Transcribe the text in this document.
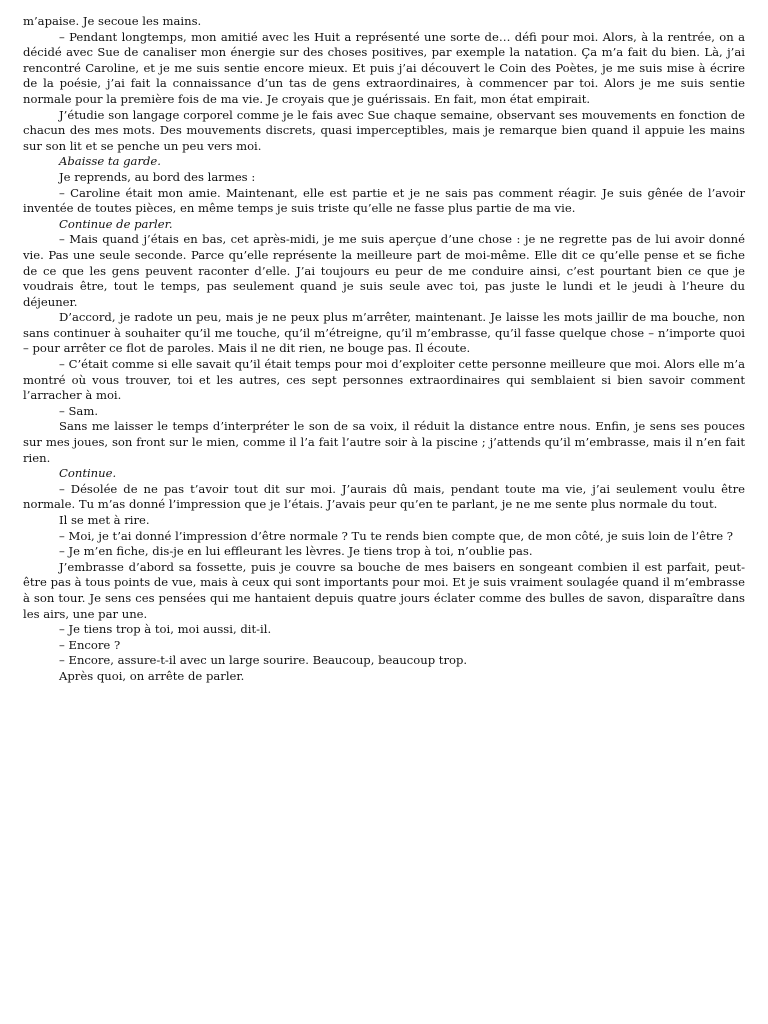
m’apaise. Je secoue les mains.

– Pendant longtemps, mon amitié avec les Huit a représenté une sorte de… défi pour moi. Alors, à la rentrée, on a décidé avec Sue de canaliser mon énergie sur des choses positives, par exemple la natation. Ça m’a fait du bien. Là, j’ai rencontré Caroline, et je me suis sentie encore mieux. Et puis j’ai découvert le Coin des Poètes, je me suis mise à écrire de la poésie, j’ai fait la connaissance d’un tas de gens extraordinaires, à commencer par toi. Alors je me suis sentie normale pour la première fois de ma vie. Je croyais que je guérissais. En fait, mon état empirait.

J’étudie son langage corporel comme je le fais avec Sue chaque semaine, observant ses mouvements en fonction de chacun des mes mots. Des mouvements discrets, quasi imperceptibles, mais je remarque bien quand il appuie les mains sur son lit et se penche un peu vers moi.

Abaisse ta garde.

Je reprends, au bord des larmes :

– Caroline était mon amie. Maintenant, elle est partie et je ne sais pas comment réagir. Je suis gênée de l’avoir inventée de toutes pièces, en même temps je suis triste qu’elle ne fasse plus partie de ma vie.

Continue de parler.

– Mais quand j’étais en bas, cet après-midi, je me suis aperçue d’une chose : je ne regrette pas de lui avoir donné vie. Pas une seule seconde. Parce qu’elle représente la meilleure part de moi-même. Elle dit ce qu’elle pense et se fiche de ce que les gens peuvent raconter d’elle. J’ai toujours eu peur de me conduire ainsi, c’est pourtant bien ce que je voudrais être, tout le temps, pas seulement quand je suis seule avec toi, pas juste le lundi et le jeudi à l’heure du déjeuner.

D’accord, je radote un peu, mais je ne peux plus m’arrêter, maintenant. Je laisse les mots jaillir de ma bouche, non sans continuer à souhaiter qu’il me touche, qu’il m’étreigne, qu’il m’embrasse, qu’il fasse quelque chose – n’importe quoi – pour arrêter ce flot de paroles. Mais il ne dit rien, ne bouge pas. Il écoute.

– C’était comme si elle savait qu’il était temps pour moi d’exploiter cette personne meilleure que moi. Alors elle m’a montré où vous trouver, toi et les autres, ces sept personnes extraordinaires qui semblaient si bien savoir comment l’arracher à moi.

– Sam.

Sans me laisser le temps d’interpréter le son de sa voix, il réduit la distance entre nous. Enfin, je sens ses pouces sur mes joues, son front sur le mien, comme il l’a fait l’autre soir à la piscine ; j’attends qu’il m’embrasse, mais il n’en fait rien.

Continue.

– Désolée de ne pas t’avoir tout dit sur moi. J’aurais dû mais, pendant toute ma vie, j’ai seulement voulu être normale. Tu m’as donné l’impression que je l’étais. J’avais peur qu’en te parlant, je ne me sente plus normale du tout.

Il se met à rire.

– Moi, je t’ai donné l’impression d’être normale ? Tu te rends bien compte que, de mon côté, je suis loin de l’être ?

– Je m’en fiche, dis-je en lui effleurant les lèvres. Je tiens trop à toi, n’oublie pas.

J’embrasse d’abord sa fossette, puis je couvre sa bouche de mes baisers en songeant combien il est parfait, peut-être pas à tous points de vue, mais à ceux qui sont importants pour moi. Et je suis vraiment soulagée quand il m’embrasse à son tour. Je sens ces pensées qui me hantaient depuis quatre jours éclater comme des bulles de savon, disparaître dans les airs, une par une.

– Je tiens trop à toi, moi aussi, dit-il.

– Encore ?

– Encore, assure-t-il avec un large sourire. Beaucoup, beaucoup trop.

Après quoi, on arrête de parler.
